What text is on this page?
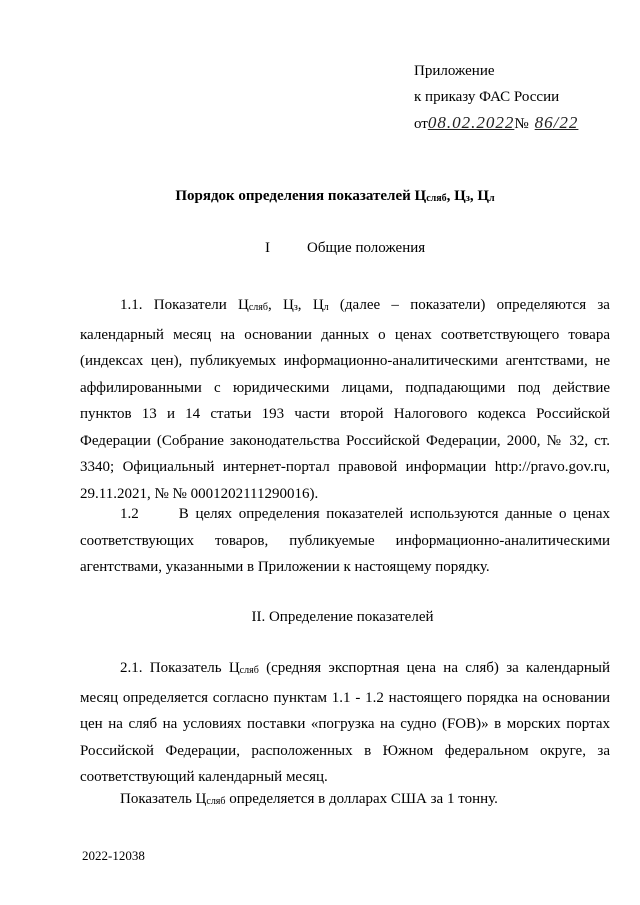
Приложение
к приказу ФАС России
от08.02.2022№ 86/22
Порядок определения показателей $Ц_{сляб}$, $Ц_з$, $Ц_л$
I Общие положения

1.1. Показатели $Ц_{сляб}$, $Ц_з$, $Ц_л$ (далее – показатели) определяются за календарный месяц на основании данных о ценах соответствующего товара (индексах цен), публикуемых информационно-аналитическими агентствами, не аффилированными с юридическими лицами, подпадающими под действие пунктов 13 и 14 статьи 193 части второй Налогового кодекса Российской Федерации (Собрание законодательства Российской Федерации, 2000, № 32, ст. 3340; Официальный интернет-портал правовой информации http://pravo.gov.ru, 29.11.2021, № № 0001202111290016).

1.2	В целях определения показателей используются данные о ценах соответствующих товаров, публикуемые информационно-аналитическими агентствами, указанными в Приложении к настоящему порядку.

II. Определение показателей

2.1. Показатель $Ц_{сляб}$ (средняя экспортная цена на сляб) за календарный месяц определяется согласно пунктам 1.1 - 1.2 настоящего порядка на основании цен на сляб на условиях поставки «погрузка на судно (FOB)» в морских портах Российской Федерации, расположенных в Южном федеральном округе, за соответствующий календарный месяц.

Показатель $Ц_{сляб}$ определяется в долларах США за 1 тонну.

2022-12038
